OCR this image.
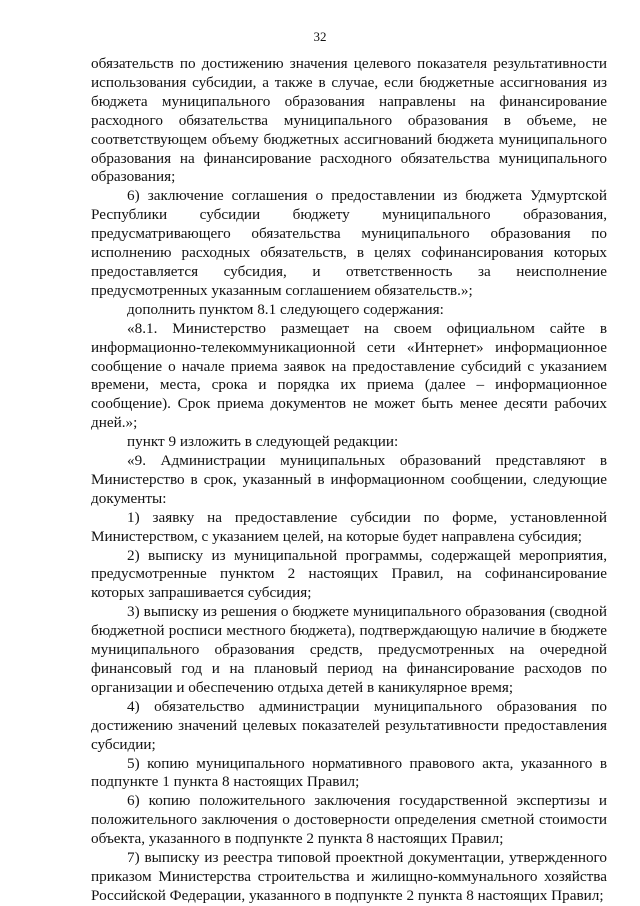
32

обязательств по достижению значения целевого показателя результативности использования субсидии, а также в случае, если бюджетные ассигнования из бюджета муниципального образования направлены на финансирование расходного обязательства муниципального образования в объеме, не соответствующем объему бюджетных ассигнований бюджета муниципального образования на финансирование расходного обязательства муниципального образования;

6) заключение соглашения о предоставлении из бюджета Удмуртской Республики субсидии бюджету муниципального образования, предусматривающего обязательства муниципального образования по исполнению расходных обязательств, в целях софинансирования которых предоставляется субсидия, и ответственность за неисполнение предусмотренных указанным соглашением обязательств.»;

дополнить пунктом 8.1 следующего содержания:

«8.1. Министерство размещает на своем официальном сайте в информационно-телекоммуникационной сети «Интернет» информационное сообщение о начале приема заявок на предоставление субсидий с указанием времени, места, срока и порядка их приема (далее – информационное сообщение). Срок приема документов не может быть менее десяти рабочих дней.»;

пункт 9 изложить в следующей редакции:

«9. Администрации муниципальных образований представляют в Министерство в срок, указанный в информационном сообщении, следующие документы:

1) заявку на предоставление субсидии по форме, установленной Министерством, с указанием целей, на которые будет направлена субсидия;

2) выписку из муниципальной программы, содержащей мероприятия, предусмотренные пунктом 2 настоящих Правил, на софинансирование которых запрашивается субсидия;

3) выписку из решения о бюджете муниципального образования (сводной бюджетной росписи местного бюджета), подтверждающую наличие в бюджете муниципального образования средств, предусмотренных на очередной финансовый год и на плановый период на финансирование расходов по организации и обеспечению отдыха детей в каникулярное время;

4) обязательство администрации муниципального образования по достижению значений целевых показателей результативности предоставления субсидии;

5) копию муниципального нормативного правового акта, указанного в подпункте 1 пункта 8 настоящих Правил;

6) копию положительного заключения государственной экспертизы и положительного заключения о достоверности определения сметной стоимости объекта, указанного в подпункте 2 пункта 8 настоящих Правил;

7) выписку из реестра типовой проектной документации, утвержденного приказом Министерства строительства и жилищно-коммунального хозяйства Российской Федерации, указанного в подпункте 2 пункта 8 настоящих Правил;
